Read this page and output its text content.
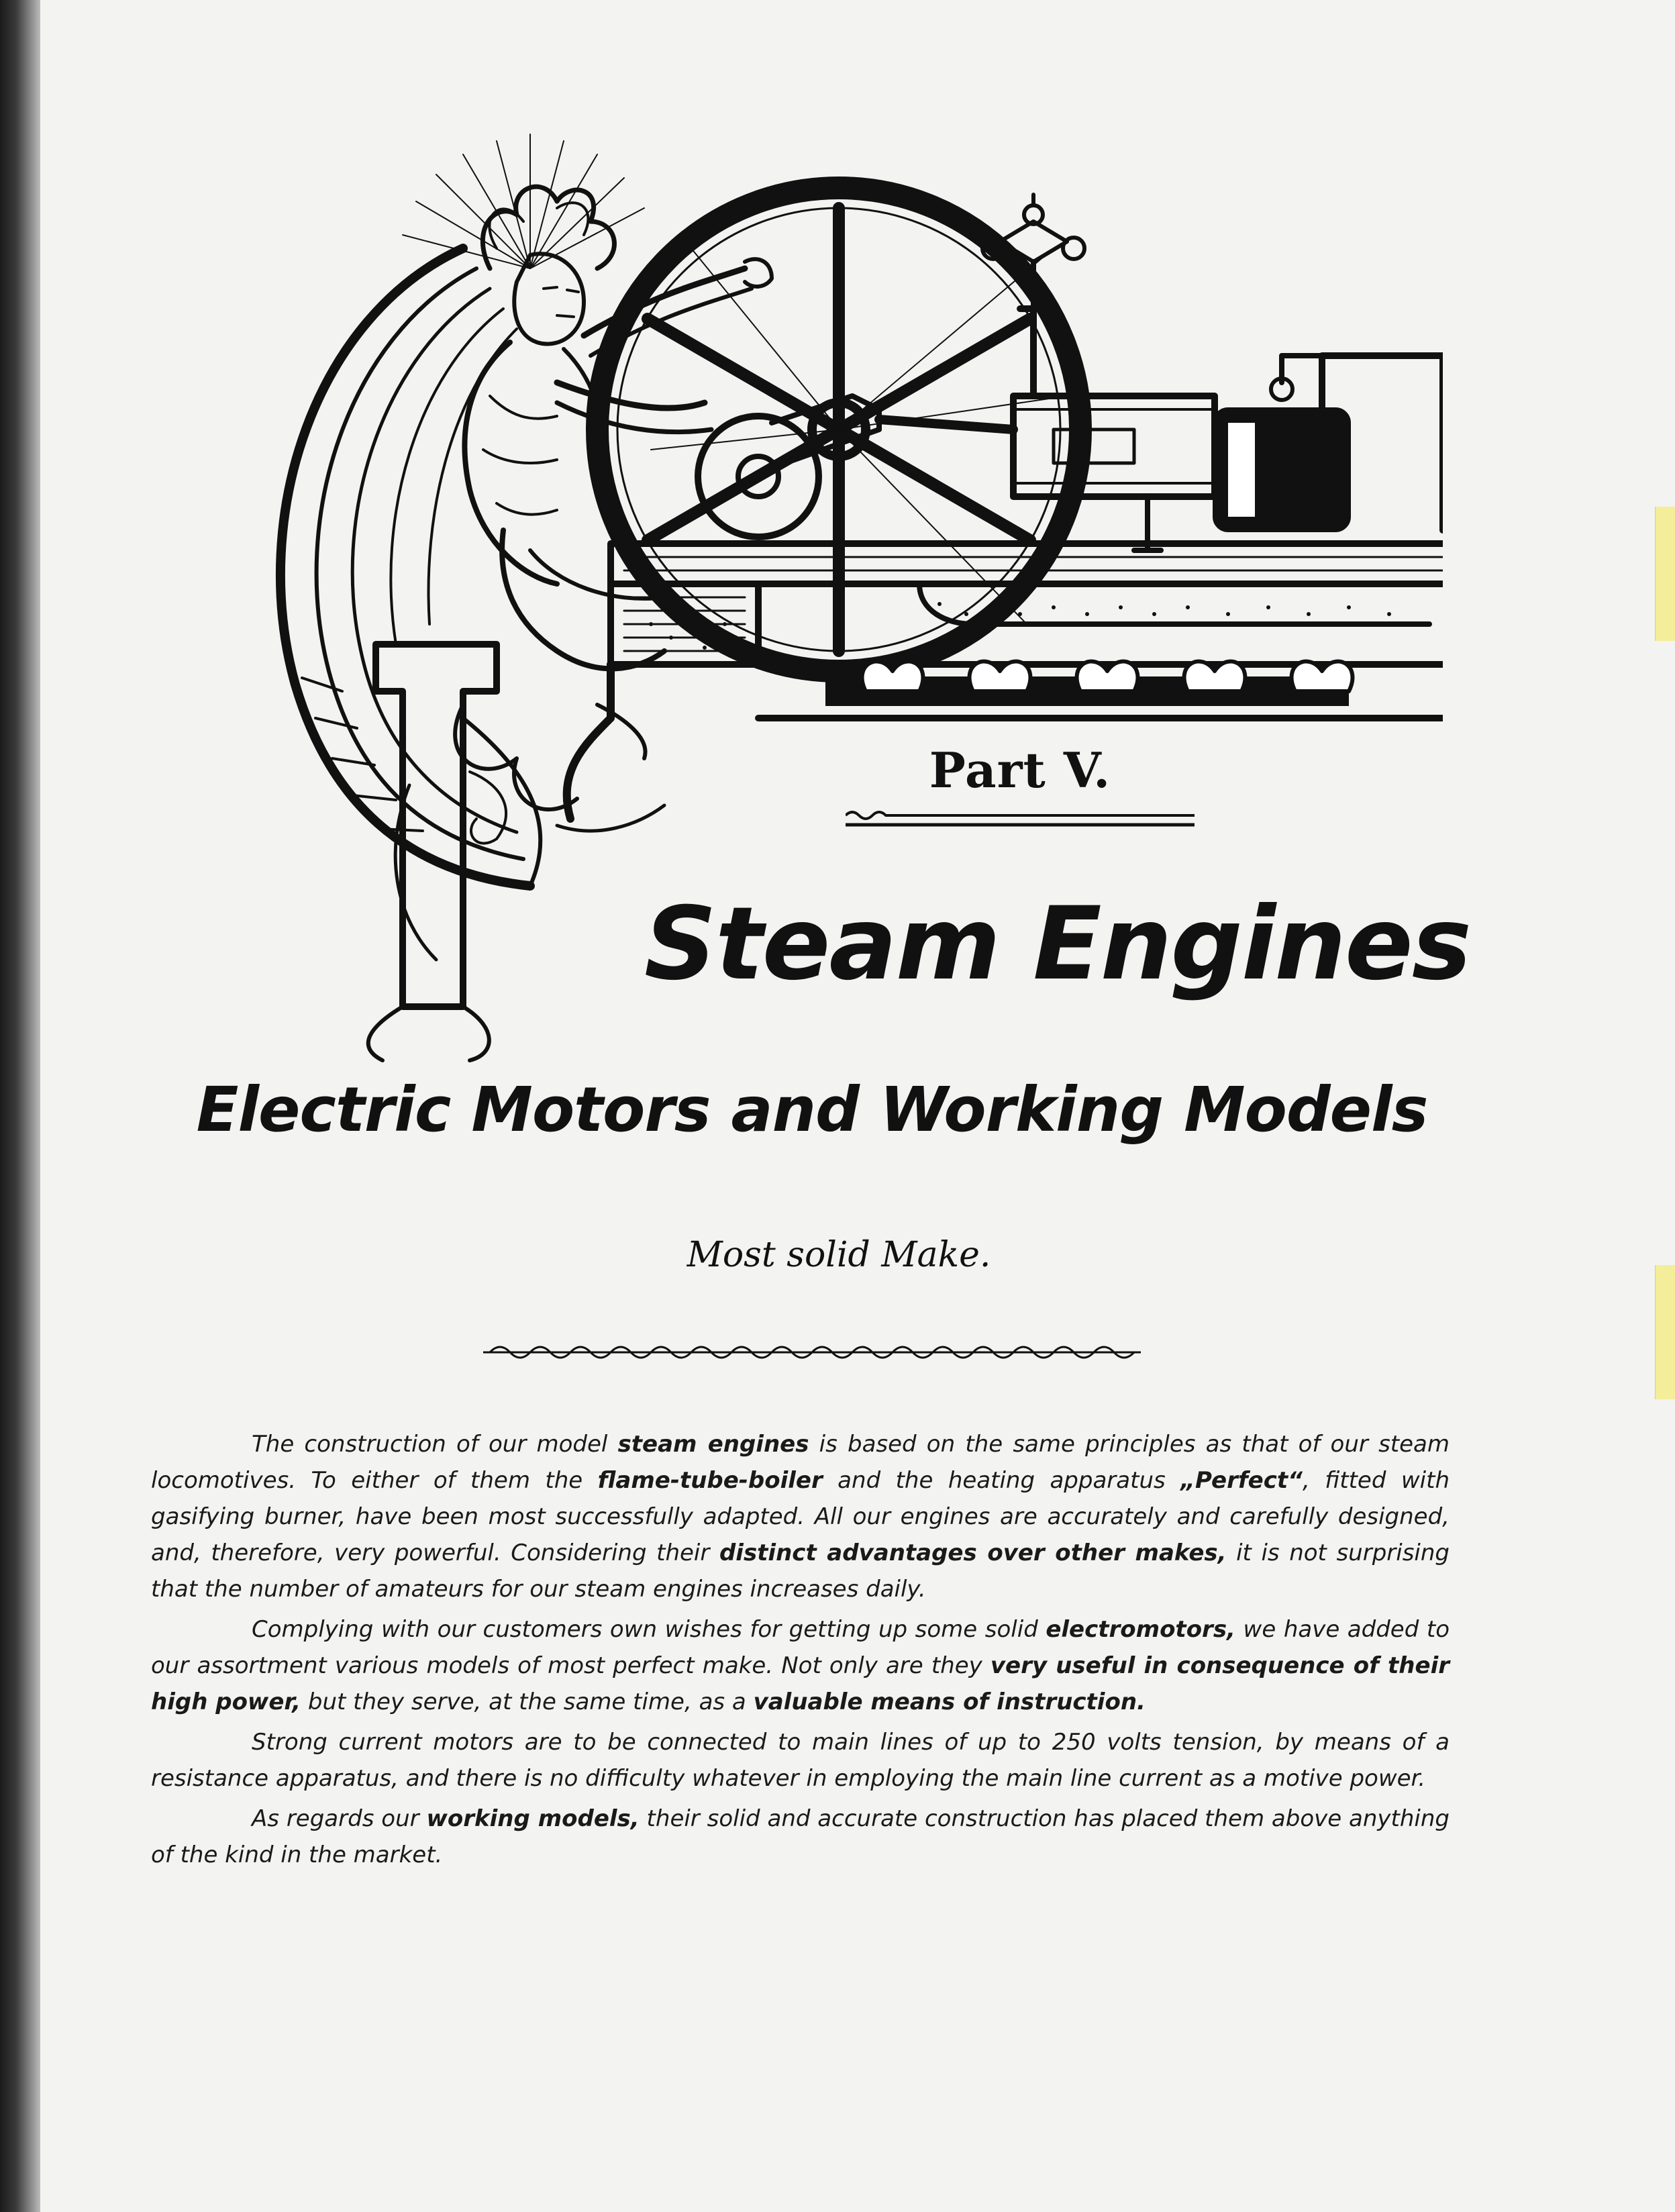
Part V.
Steam Engines
Electric Motors and Working Models
Most solid Make.

The construction of our model steam engines is based on the same principles as that of our steam locomotives. To either of them the flame-tube-boiler and the heating apparatus „Perfect“, fitted with gasifying burner, have been most successfully adapted. All our engines are accurately and carefully designed, and, therefore, very powerful. Considering their distinct advantages over other makes, it is not surprising that the number of amateurs for our steam engines increases daily.

Complying with our customers own wishes for getting up some solid electromotors, we have added to our assortment various models of most perfect make. Not only are they very useful in consequence of their high power, but they serve, at the same time, as a valuable means of instruction.

Strong current motors are to be connected to main lines of up to 250 volts tension, by means of a resistance apparatus, and there is no difficulty whatever in employing the main line current as a motive power.

As regards our working models, their solid and accurate construction has placed them above anything of the kind in the market.
